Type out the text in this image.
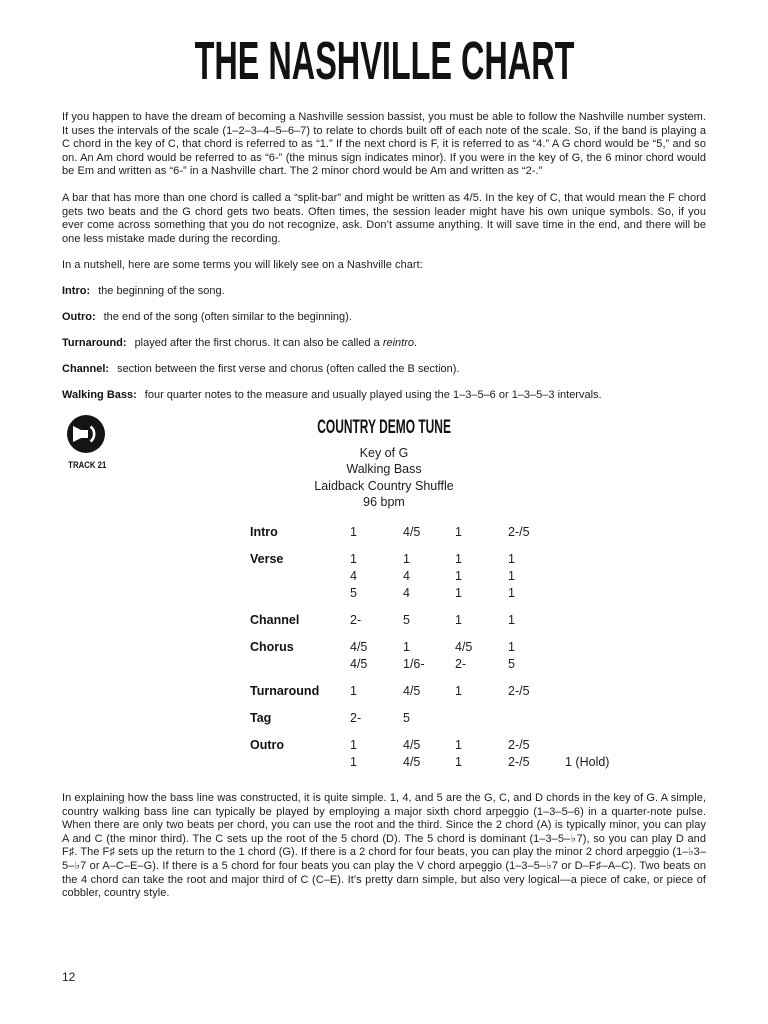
THE NASHVILLE CHART

If you happen to have the dream of becoming a Nashville session bassist, you must be able to follow the Nashville number system. It uses the intervals of the scale (1–2–3–4–5–6–7) to relate to chords built off of each note of the scale. So, if the band is playing a C chord in the key of C, that chord is referred to as “1.” If the next chord is F, it is referred to as “4.” A G chord would be “5,” and so on. An Am chord would be referred to as “6-” (the minus sign indicates minor). If you were in the key of G, the 6 minor chord would be Em and written as “6-” in a Nashville chart. The 2 minor chord would be Am and written as “2-.”

A bar that has more than one chord is called a “split-bar” and might be written as 4/5. In the key of C, that would mean the F chord gets two beats and the G chord gets two beats. Often times, the session leader might have his own unique symbols. So, if you ever come across something that you do not recognize, ask. Don’t assume anything. It will save time in the end, and there will be one less mistake made during the recording.

In a nutshell, here are some terms you will likely see on a Nashville chart:

Intro: the beginning of the song.
Outro: the end of the song (often similar to the beginning).
Turnaround: played after the first chorus. It can also be called a reintro.
Channel: section between the first verse and chorus (often called the B section).
Walking Bass: four quarter notes to the measure and usually played using the 1–3–5–6 or 1–3–5–3 intervals.
TRACK 21
COUNTRY DEMO TUNE
Key of G
Walking Bass
Laidback Country Shuffle
96 bpm
Intro	1	4/5	1	2-/5
Verse	1	1	1	1
4	4	1	1
5	4	1	1
Channel	2-	5	1	1
Chorus	4/5	1	4/5	1
4/5	1/6-	2-	5
Turnaround	1	4/5	1	2-/5
Tag	2-	5
Outro	1	4/5	1	2-/5
1	4/5	1	2-/5	1 (Hold)

In explaining how the bass line was constructed, it is quite simple. 1, 4, and 5 are the G, C, and D chords in the key of G. A simple, country walking bass line can typically be played by employing a major sixth chord arpeggio (1–3–5–6) in a quarter-note pulse. When there are only two beats per chord, you can use the root and the third. Since the 2 chord (A) is typically minor, you can play A and C (the minor third). The C sets up the root of the 5 chord (D). The 5 chord is dominant (1–3–5–♭7), so you can play D and F♯. The F♯ sets up the return to the 1 chord (G). If there is a 2 chord for four beats, you can play the minor 2 chord arpeggio (1–♭3–5–♭7 or A–C–E–G). If there is a 5 chord for four beats you can play the V chord arpeggio (1–3–5–♭7 or D–F♯–A–C). Two beats on the 4 chord can take the root and major third of C (C–E). It’s pretty darn simple, but also very logical—a piece of cake, or piece of cobbler, country style.

12
